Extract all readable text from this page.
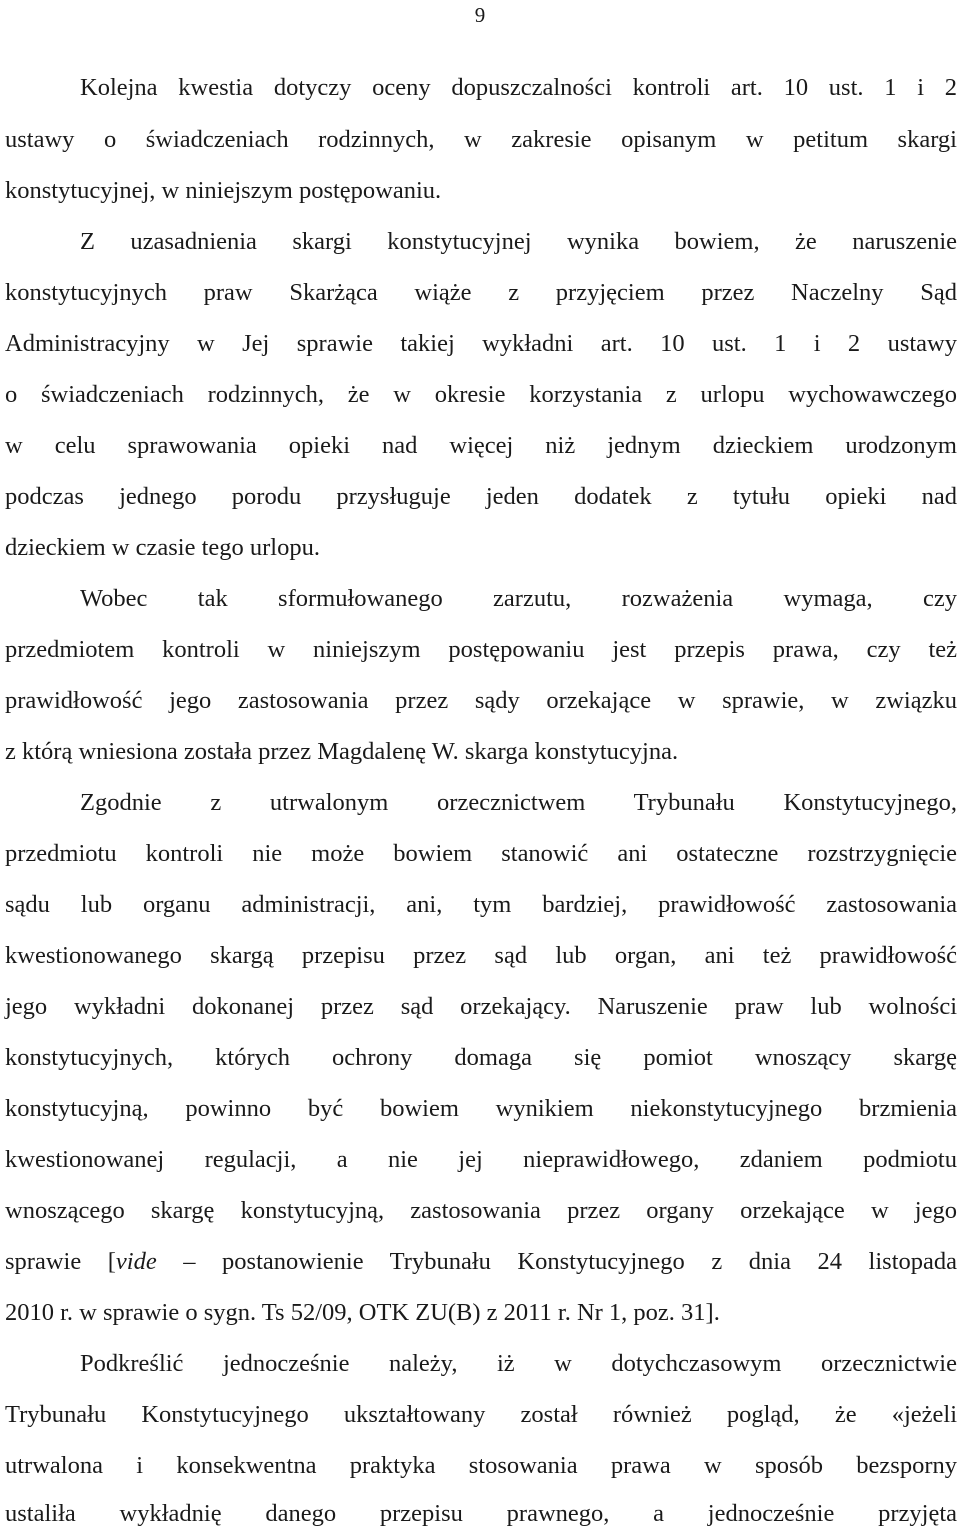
9
Kolejna kwestia dotyczy oceny dopuszczalności kontroli art. 10 ust. 1 i 2
ustawy o świadczeniach rodzinnych, w zakresie opisanym w petitum skargi
konstytucyjnej, w niniejszym postępowaniu.
Z uzasadnienia skargi konstytucyjnej wynika bowiem, że naruszenie
konstytucyjnych praw Skarżąca wiąże z przyjęciem przez Naczelny Sąd
Administracyjny w Jej sprawie takiej wykładni art. 10 ust. 1 i 2 ustawy
o świadczeniach rodzinnych, że w okresie korzystania z urlopu wychowawczego
w celu sprawowania opieki nad więcej niż jednym dzieckiem urodzonym
podczas jednego porodu przysługuje jeden dodatek z tytułu opieki nad
dzieckiem w czasie tego urlopu.
Wobec tak sformułowanego zarzutu, rozważenia wymaga, czy
przedmiotem kontroli w niniejszym postępowaniu jest przepis prawa, czy też
prawidłowość jego zastosowania przez sądy orzekające w sprawie, w związku
z którą wniesiona została przez Magdalenę W. skarga konstytucyjna.
Zgodnie z utrwalonym orzecznictwem Trybunału Konstytucyjnego,
przedmiotu kontroli nie może bowiem stanowić ani ostateczne rozstrzygnięcie
sądu lub organu administracji, ani, tym bardziej, prawidłowość zastosowania
kwestionowanego skargą przepisu przez sąd lub organ, ani też prawidłowość
jego wykładni dokonanej przez sąd orzekający. Naruszenie praw lub wolności
konstytucyjnych, których ochrony domaga się pomiot wnoszący skargę
konstytucyjną, powinno być bowiem wynikiem niekonstytucyjnego brzmienia
kwestionowanej regulacji, a nie jej nieprawidłowego, zdaniem podmiotu
wnoszącego skargę konstytucyjną, zastosowania przez organy orzekające w jego
sprawie [vide – postanowienie Trybunału Konstytucyjnego z dnia 24 listopada
2010 r. w sprawie o sygn. Ts 52/09, OTK ZU(B) z 2011 r. Nr 1, poz. 31].
Podkreślić jednocześnie należy, iż w dotychczasowym orzecznictwie
Trybunału Konstytucyjnego ukształtowany został również pogląd, że «jeżeli
utrwalona i konsekwentna praktyka stosowania prawa w sposób bezsporny
ustaliła wykładnię danego przepisu prawnego, a jednocześnie przyjęta
